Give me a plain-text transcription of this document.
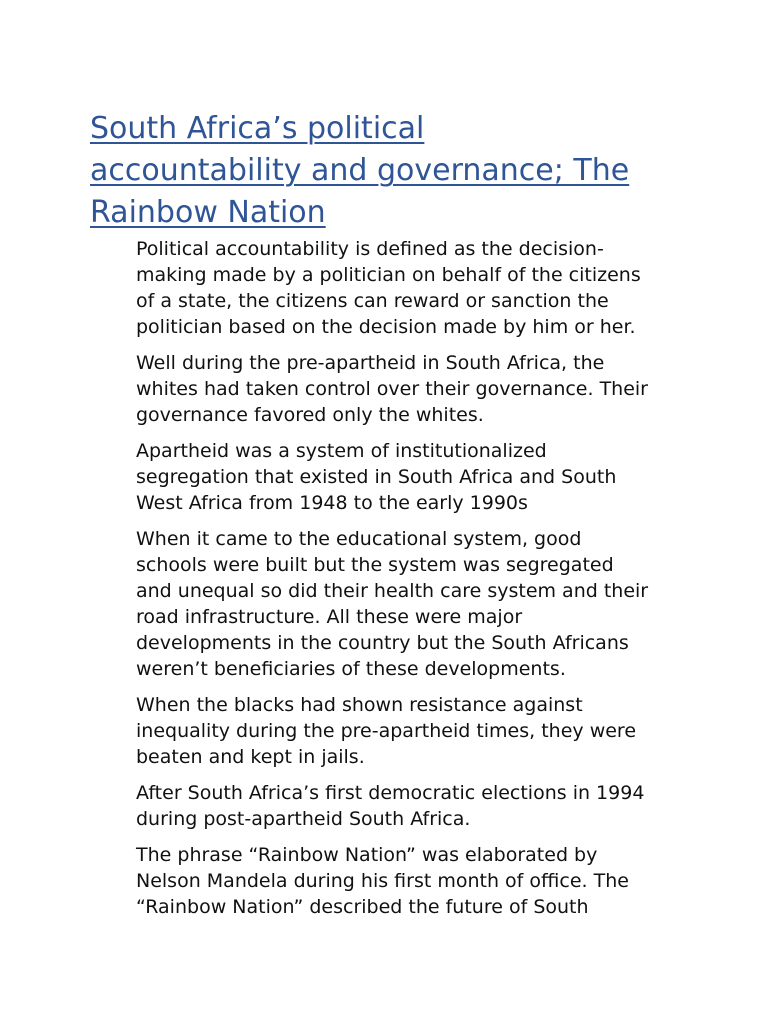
South Africa’s political
accountability and governance; The
Rainbow Nation

Political accountability is defined as the decision-
making made by a politician on behalf of the citizens
of a state, the citizens can reward or sanction the
politician based on the decision made by him or her.

Well during the pre-apartheid in South Africa, the
whites had taken control over their governance. Their
governance favored only the whites.

Apartheid was a system of institutionalized
segregation that existed in South Africa and South
West Africa from 1948 to the early 1990s

When it came to the educational system, good
schools were built but the system was segregated
and unequal so did their health care system and their
road infrastructure. All these were major
developments in the country but the South Africans
weren’t beneficiaries of these developments.

When the blacks had shown resistance against
inequality during the pre-apartheid times, they were
beaten and kept in jails.

After South Africa’s first democratic elections in 1994
during post-apartheid South Africa.

The phrase “Rainbow Nation” was elaborated by
Nelson Mandela during his first month of office. The
“Rainbow Nation” described the future of South
